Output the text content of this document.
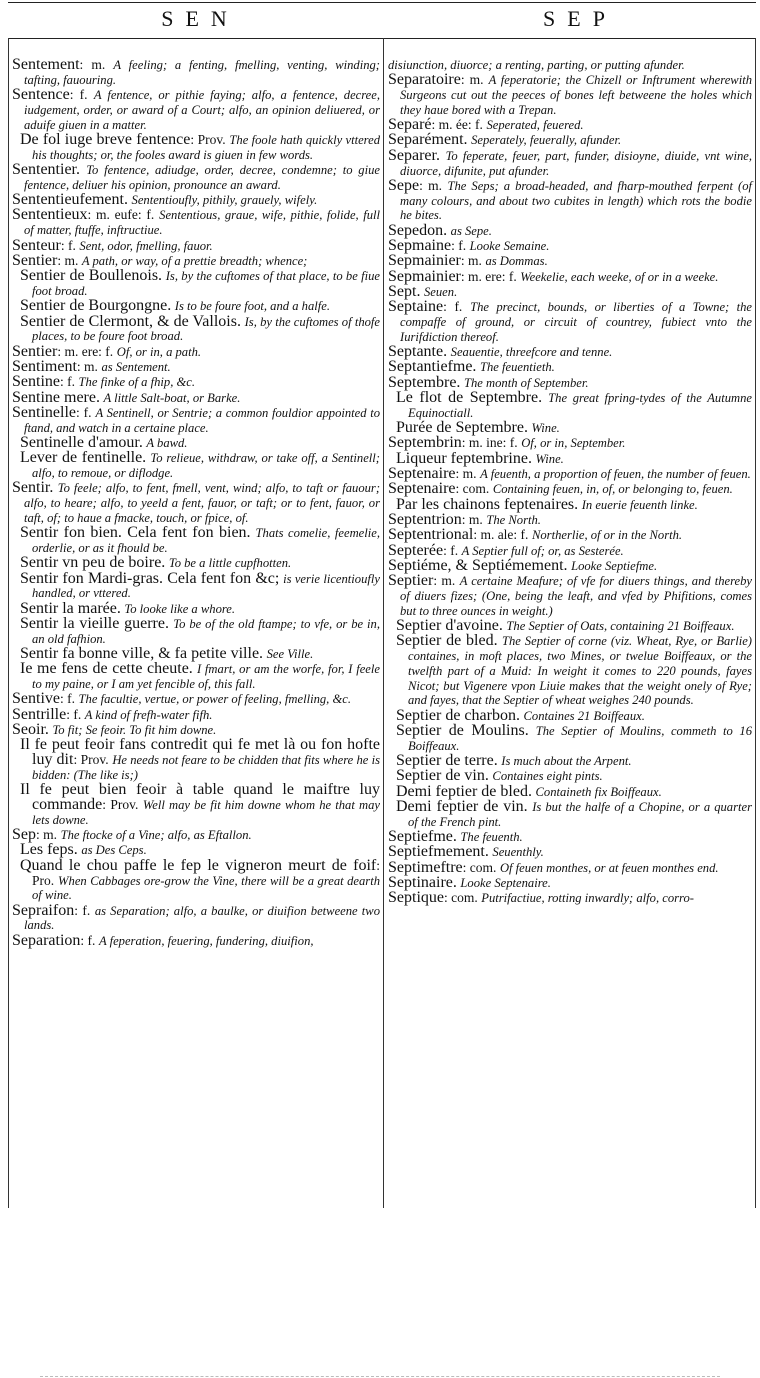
SEN	SEP
Sentement: m. A feeling; a fenting, fmelling, venting, winding; tafting, fauouring.
Sentence: f. A fentence, or pithie faying; alfo, a fentence, decree, iudgement, order, or award of a Court; alfo, an opinion deliuered, or aduife giuen in a matter.
De fol iuge breve fentence: Prov. The foole hath quickly vttered his thoughts; or, the fooles award is giuen in few words.
Sententier. To fentence, adiudge, order, decree, condemne; to giue fentence, deliuer his opinion, pronounce an award.
Sententieufement. Sententioufly, pithily, grauely, wifely.
Sententieux: m. eufe: f. Sententious, graue, wife, pithie, folide, full of matter, ftuffe, inftructiue.
Senteur: f. Sent, odor, fmelling, fauor.
Sentier: m. A path, or way, of a prettie breadth; whence;
Sentier de Boullenois. Is, by the cuftomes of that place, to be fiue foot broad.
Sentier de Bourgongne. Is to be foure foot, and a halfe.
Sentier de Clermont, & de Vallois. Is, by the cuftomes of thofe places, to be foure foot broad.
Sentier: m. ere: f. Of, or in, a path.
Sentiment: m. as Sentement.
Sentine: f. The finke of a fhip, &c.
Sentine mere. A little Salt-boat, or Barke.
Sentinelle: f. A Sentinell, or Sentrie; a common fouldior appointed to ftand, and watch in a certaine place.
Sentinelle d'amour. A bawd.
Lever de fentinelle. To relieue, withdraw, or take off, a Sentinell; alfo, to remoue, or diflodge.
Sentir. To feele; alfo, to fent, fmell, vent, wind; alfo, to taft or fauour; alfo, to heare; alfo, to yeeld a fent, fauor, or taft; or to fent, fauor, or taft, of; to haue a fmacke, touch, or fpice, of.
Sentir fon bien. Cela fent fon bien. Thats comelie, feemelie, orderlie, or as it fhould be.
Sentir vn peu de boire. To be a little cupfhotten.
Sentir fon Mardi-gras. Cela fent fon &c; is verie licentioufly handled, or vttered.
Sentir la marée. To looke like a whore.
Sentir la vieille guerre. To be of the old ftampe; to vfe, or be in, an old fafhion.
Sentir fa bonne ville, & fa petite ville. See Ville.
Ie me fens de cette cheute. I fmart, or am the worfe, for, I feele to my paine, or I am yet fencible of, this fall.
Sentive: f. The facultie, vertue, or power of feeling, fmelling, &c.
Sentrille: f. A kind of frefh-water fifh.
Seoir. To fit; Se feoir. To fit him downe.
Il fe peut feoir fans contredit qui fe met là ou fon hofte luy dit: Prov. He needs not feare to be chidden that fits where he is bidden: (The like is;)
Il fe peut bien feoir à table quand le maiftre luy commande: Prov. Well may be fit him downe whom he that may lets downe.
Sep: m. The ftocke of a Vine; alfo, as Eftallon.
Les feps. as Des Ceps.
Quand le chou paffe le fep le vigneron meurt de foif: Pro. When Cabbages ore-grow the Vine, there will be a great dearth of wine.
Sepraifon: f. as Separation; alfo, a baulke, or diuifion betweene two lands.
Separation: f. A feperation, feuering, fundering, diuifion,
disiunction, diuorce; a renting, parting, or putting afunder.
Separatoire: m. A feperatorie; the Chizell or Inftrument wherewith Surgeons cut out the peeces of bones left betweene the holes which they haue bored with a Trepan.
Separé: m. ée: f. Seperated, feuered.
Separément. Seperately, feuerally, afunder.
Separer. To feperate, feuer, part, funder, disioyne, diuide, vnt wine, diuorce, difunite, put afunder.
Sepe: m. The Seps; a broad-headed, and fharp-mouthed ferpent (of many colours, and about two cubites in length) which rots the bodie he bites.
Sepedon. as Sepe.
Sepmaine: f. Looke Semaine.
Sepmainier: m. as Dommas.
Sepmainier: m. ere: f. Weekelie, each weeke, of or in a weeke.
Sept. Seuen.
Septaine: f. The precinct, bounds, or liberties of a Towne; the compaffe of ground, or circuit of countrey, fubiect vnto the Iurifdiction thereof.
Septante. Seauentie, threefcore and tenne.
Septantiefme. The feuentieth.
Septembre. The month of September.
Le flot de Septembre. The great fpring-tydes of the Autumne Equinoctiall.
Purée de Septembre. Wine.
Septembrin: m. ine: f. Of, or in, September.
Liqueur feptembrine. Wine.
Septenaire: m. A feuenth, a proportion of feuen, the number of feuen.
Septenaire: com. Containing feuen, in, of, or belonging to, feuen.
Par les chainons feptenaires. In euerie feuenth linke.
Septentrion: m. The North.
Septentrional: m. ale: f. Northerlie, of or in the North.
Septerée: f. A Septier full of; or, as Sesterée.
Septiéme, & Septiémement. Looke Septiefme.
Septier: m. A certaine Meafure; of vfe for diuers things, and thereby of diuers fizes; (One, being the leaft, and vfed by Phifitions, comes but to three ounces in weight.)
Septier d'avoine. The Septier of Oats, containing 21 Boiffeaux.
Septier de bled. The Septier of corne (viz. Wheat, Rye, or Barlie) containes, in moft places, two Mines, or twelue Boiffeaux, or the twelfth part of a Muid: In weight it comes to 220 pounds, fayes Nicot; but Vigenere vpon Liuie makes that the weight onely of Rye; and fayes, that the Septier of wheat weighes 240 pounds.
Septier de charbon. Containes 21 Boiffeaux.
Septier de Moulins. The Septier of Moulins, commeth to 16 Boiffeaux.
Septier de terre. Is much about the Arpent.
Septier de vin. Containes eight pints.
Demi feptier de bled. Containeth fix Boiffeaux.
Demi feptier de vin. Is but the halfe of a Chopine, or a quarter of the French pint.
Septiefme. The feuenth.
Septiefmement. Seuenthly.
Septimeftre: com. Of feuen monthes, or at feuen monthes end.
Septinaire. Looke Septenaire.
Septique: com. Putrifactiue, rotting inwardly; alfo, corro-
